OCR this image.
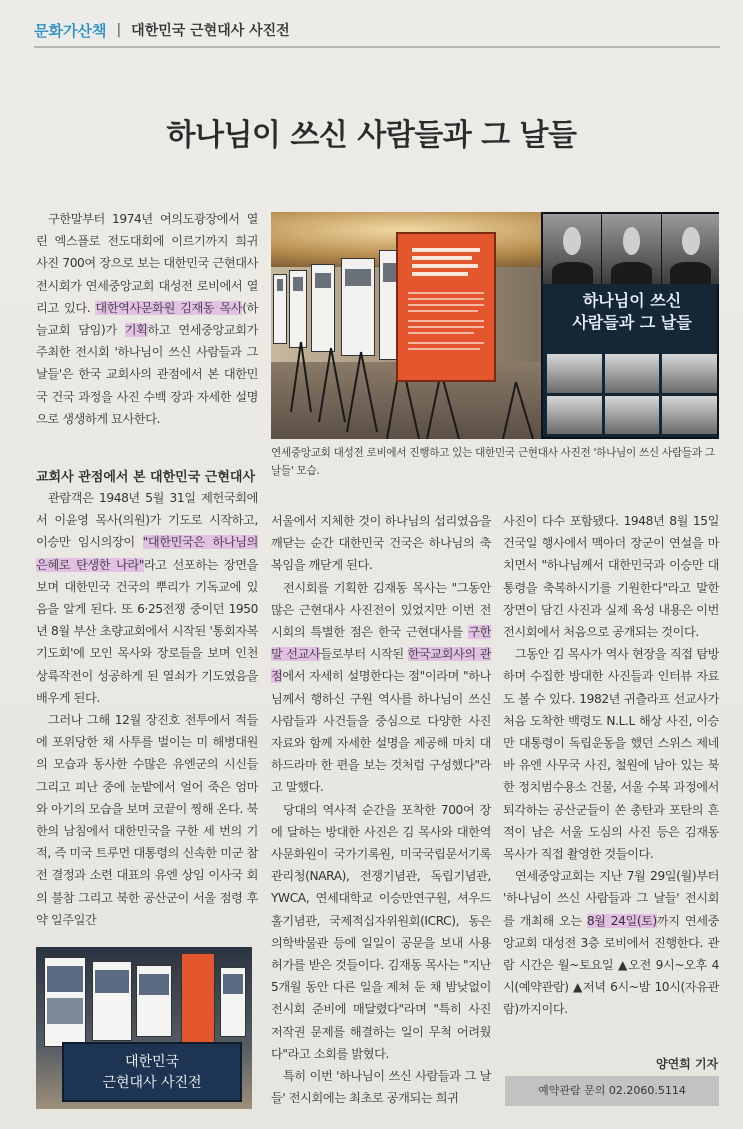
문화가산책 | 대한민국 근현대사 사진전
하나님이 쓰신 사람들과 그 날들

구한말부터 1974년 여의도광장에서 열린 엑스플로 전도대회에 이르기까지 희귀 사진 700여 장으로 보는 대한민국 근현대사 전시회가 연세중앙교회 대성전 로비에서 열리고 있다. 대한역사문화원 김재동 목사(하늘교회 담임)가 기획하고 연세중앙교회가 주최한 전시회 '하나님이 쓰신 사람들과 그 날들'은 한국 교회사의 관점에서 본 대한민국 건국 과정을 사진 수백 장과 자세한 설명으로 생생하게 묘사한다.

교회사 관점에서 본 대한민국 근현대사

관람객은 1948년 5월 31일 제헌국회에서 이윤영 목사(의원)가 기도로 시작하고, 이승만 임시의장이 "대한민국은 하나님의 은혜로 탄생한 나라"라고 선포하는 장면을 보며 대한민국 건국의 뿌리가 기독교에 있음을 알게 된다. 또 6·25전쟁 중이던 1950년 8월 부산 초량교회에서 시작된 '통회자복기도회'에 모인 목사와 장로들을 보며 인천상륙작전이 성공하게 된 열쇠가 기도였음을 배우게 된다.

그러나 그해 12월 장진호 전투에서 적들에 포위당한 채 사투를 벌이는 미 해병대원의 모습과 동사한 수많은 유엔군의 시신들 그리고 피난 중에 눈밭에서 얼어 죽은 엄마와 아기의 모습을 보며 코끝이 찡해 온다. 북한의 남침에서 대한민국을 구한 세 번의 기적, 즉 미국 트루먼 대통령의 신속한 미군 참전 결정과 소련 대표의 유엔 상임 이사국 회의 불참 그리고 북한 공산군이 서울 점령 후 약 일주일간

하나님이 쓰신
사람들과 그 날들
연세중앙교회 대성전 로비에서 진행하고 있는 대한민국 근현대사 사진전 '하나님이 쓰신 사람들과 그 날들' 모습.

서울에서 지체한 것이 하나님의 섭리였음을 깨닫는 순간 대한민국 건국은 하나님의 축복임을 깨닫게 된다.

전시회를 기획한 김재동 목사는 "그동안 많은 근현대사 사진전이 있었지만 이번 전시회의 특별한 점은 한국 근현대사를 구한말 선교사들로부터 시작된 한국교회사의 관점에서 자세히 설명한다는 점"이라며 "하나님께서 행하신 구원 역사를 하나님이 쓰신 사람들과 사건들을 중심으로 다양한 사진 자료와 함께 자세한 설명을 제공해 마치 대하드라마 한 편을 보는 것처럼 구성했다"라고 말했다.

당대의 역사적 순간을 포착한 700여 장에 달하는 방대한 사진은 김 목사와 대한역사문화원이 국가기록원, 미국국립문서기록관리청(NARA), 전쟁기념관, 독립기념관, YWCA, 연세대학교 이승만연구원, 셔우드홀기념관, 국제적십자위원회(ICRC), 동은의학박물관 등에 일일이 공문을 보내 사용 허가를 받은 것들이다. 김재동 목사는 "지난 5개월 동안 다른 일을 제쳐 둔 채 밤낮없이 전시회 준비에 매달렸다"라며 "특히 사진 저작권 문제를 해결하는 일이 무척 어려웠다"라고 소회를 밝혔다.

특히 이번 '하나님이 쓰신 사람들과 그 날들' 전시회에는 최초로 공개되는 희귀

사진이 다수 포함됐다. 1948년 8월 15일 건국일 행사에서 맥아더 장군이 연설을 마치면서 "하나님께서 대한민국과 이승만 대통령을 축복하시기를 기원한다"라고 말한 장면이 담긴 사진과 실제 육성 내용은 이번 전시회에서 처음으로 공개되는 것이다.

그동안 김 목사가 역사 현장을 직접 탐방하며 수집한 방대한 사진들과 인터뷰 자료도 볼 수 있다. 1982년 귀츨라프 선교사가 처음 도착한 백령도 N.L.L 해상 사진, 이승만 대통령이 독립운동을 했던 스위스 제네바 유엔 사무국 사진, 철원에 남아 있는 북한 정치범수용소 건물, 서울 수복 과정에서 퇴각하는 공산군들이 쏜 총탄과 포탄의 흔적이 남은 서울 도심의 사진 등은 김재동 목사가 직접 촬영한 것들이다.

연세중앙교회는 지난 7월 29일(월)부터 '하나님이 쓰신 사람들과 그 날들' 전시회를 개최해 오는 8월 24일(토)까지 연세중앙교회 대성전 3층 로비에서 진행한다. 관람 시간은 월~토요일 ▲오전 9시~오후 4시(예약관람) ▲저녁 6시~밤 10시(자유관람)까지이다.

대한민국
근현대사 사진전
양연희 기자
예약관람 문의 02.2060.5114
